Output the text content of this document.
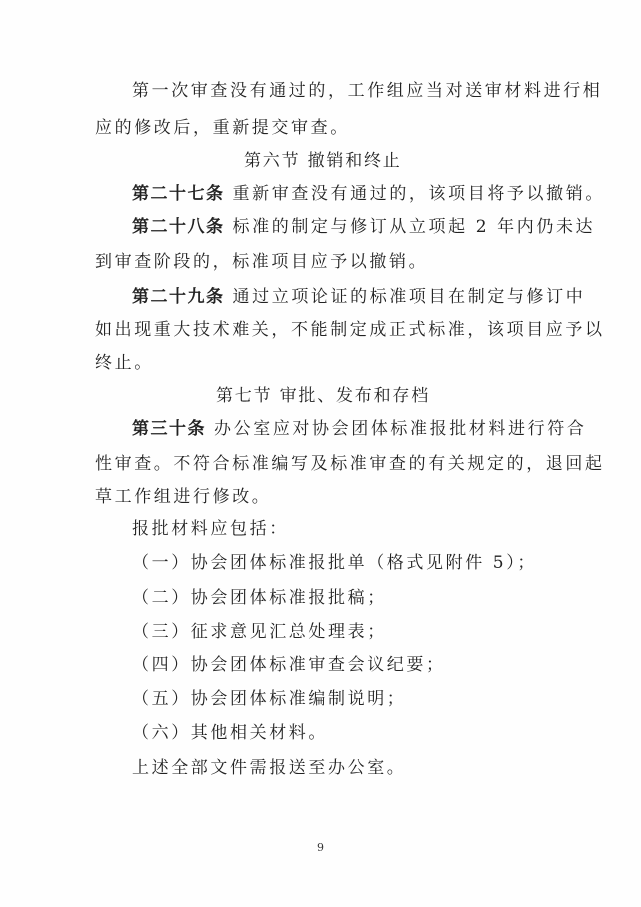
第一次审查没有通过的，工作组应当对送审材料进行相
应的修改后，重新提交审查。
第六节 撤销和终止
第二十七条 重新审查没有通过的，该项目将予以撤销。
第二十八条 标准的制定与修订从立项起 2 年内仍未达
到审查阶段的，标准项目应予以撤销。
第二十九条 通过立项论证的标准项目在制定与修订中
如出现重大技术难关，不能制定成正式标准，该项目应予以
终止。
第七节 审批、发布和存档
第三十条 办公室应对协会团体标准报批材料进行符合
性审查。不符合标准编写及标准审查的有关规定的，退回起
草工作组进行修改。
报批材料应包括：
（一）协会团体标准报批单（格式见附件 5）；
（二）协会团体标准报批稿；
（三）征求意见汇总处理表；
（四）协会团体标准审查会议纪要；
（五）协会团体标准编制说明；
（六）其他相关材料。
上述全部文件需报送至办公室。
9
